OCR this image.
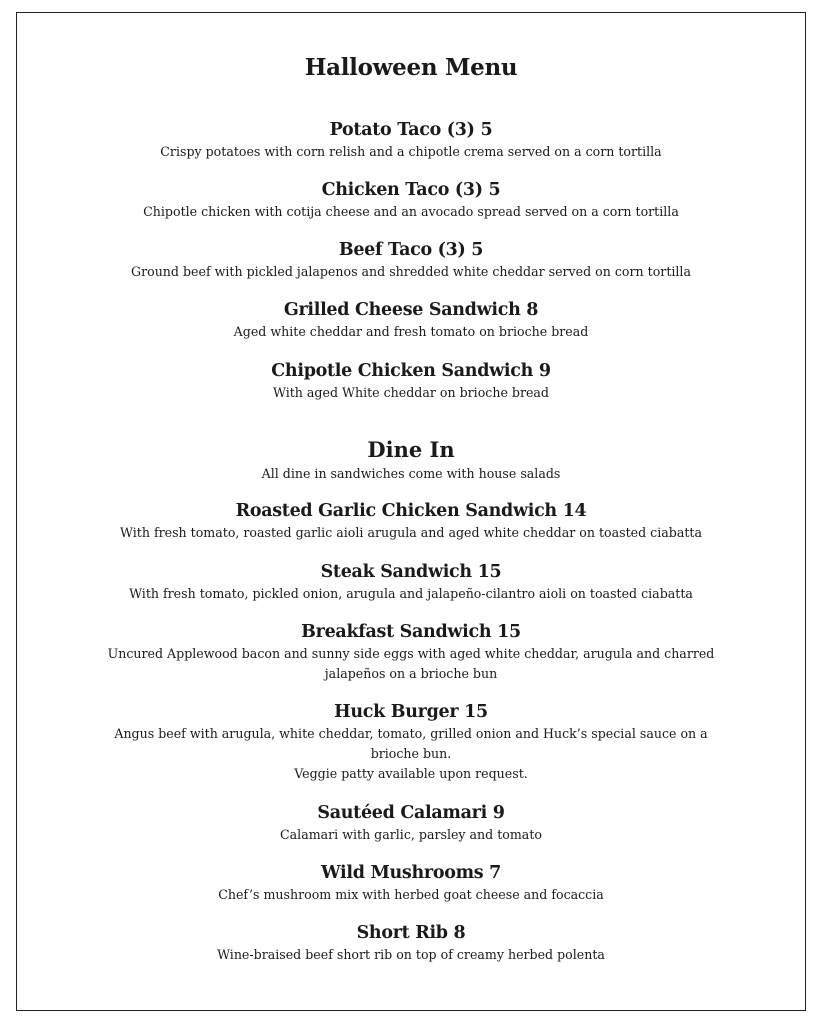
Halloween Menu
Potato Taco (3) 5
Crispy potatoes with corn relish and a chipotle crema served on a corn tortilla
Chicken Taco (3) 5
Chipotle chicken with cotija cheese and an avocado spread served on a corn tortilla
Beef Taco (3) 5
Ground beef with pickled jalapenos and shredded white cheddar served on corn tortilla
Grilled Cheese Sandwich 8
Aged white cheddar and fresh tomato on brioche bread
Chipotle Chicken Sandwich 9
With aged White cheddar on brioche bread
Dine In
All dine in sandwiches come with house salads
Roasted Garlic Chicken Sandwich 14
With fresh tomato, roasted garlic aioli arugula and aged white cheddar on toasted ciabatta
Steak Sandwich 15
With fresh tomato, pickled onion, arugula and jalapeño-cilantro aioli on toasted ciabatta
Breakfast Sandwich 15
Uncured Applewood bacon and sunny side eggs with aged white cheddar, arugula and charred
jalapeños on a brioche bun
Huck Burger 15
Angus beef with arugula, white cheddar, tomato, grilled onion and Huck’s special sauce on a
brioche bun.
Veggie patty available upon request.
Sautéed Calamari 9
Calamari with garlic, parsley and tomato
Wild Mushrooms 7
Chef’s mushroom mix with herbed goat cheese and focaccia
Short Rib 8
Wine-braised beef short rib on top of creamy herbed polenta
